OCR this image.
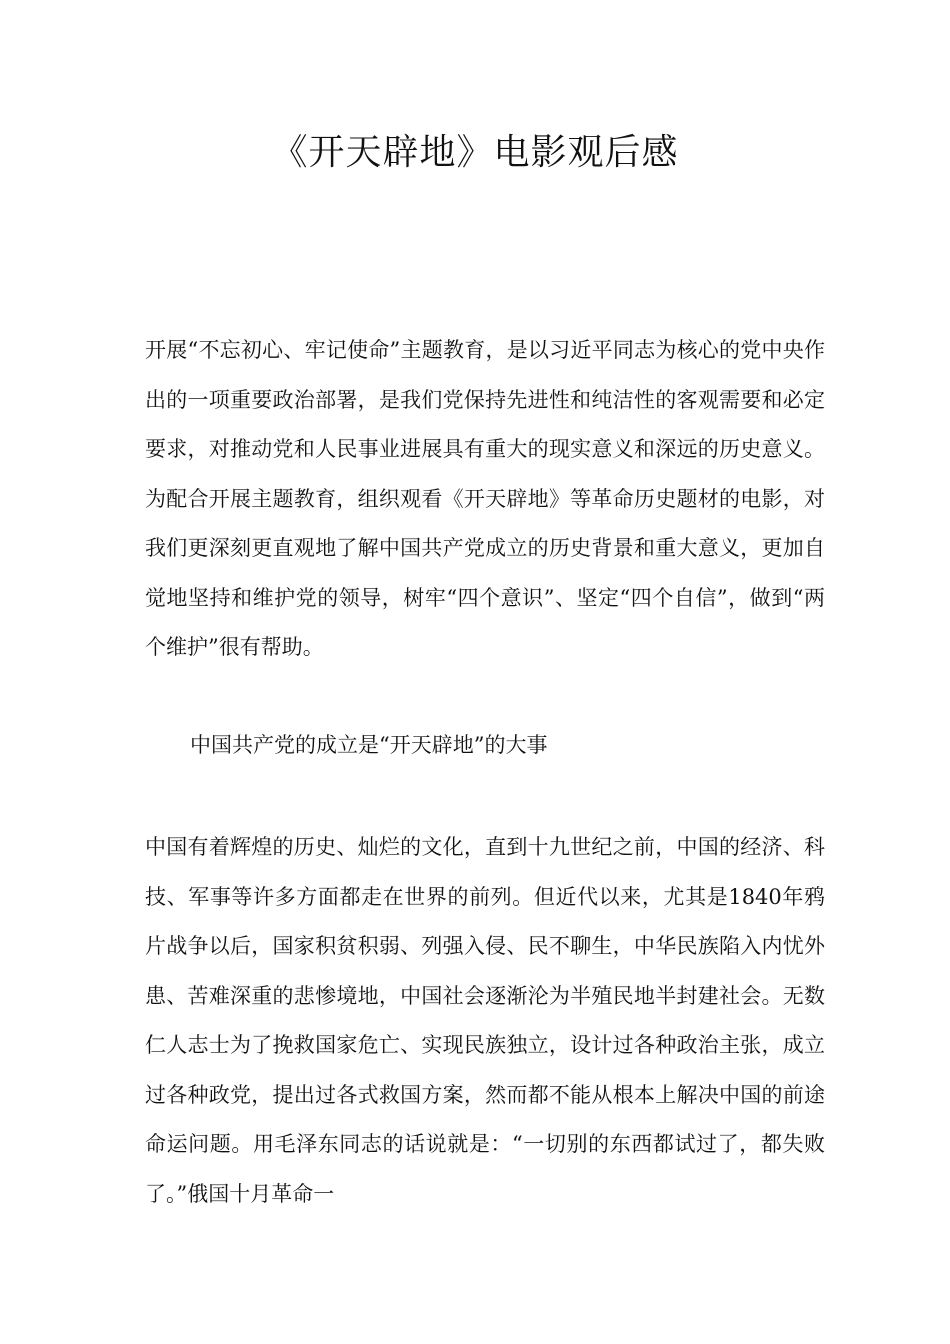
《开天辟地》电影观后感

开展“不忘初心、牢记使命”主题教育，是以习近平同志为核心的党中央作出的一项重要政治部署，是我们党保持先进性和纯洁性的客观需要和必定要求，对推动党和人民事业进展具有重大的现实意义和深远的历史意义。为配合开展主题教育，组织观看《开天辟地》等革命历史题材的电影，对我们更深刻更直观地了解中国共产党成立的历史背景和重大意义，更加自觉地坚持和维护党的领导，树牢“四个意识”、坚定“四个自信”，做到“两个维护”很有帮助。

中国共产党的成立是“开天辟地”的大事

中国有着辉煌的历史、灿烂的文化，直到十九世纪之前，中国的经济、科技、军事等许多方面都走在世界的前列。但近代以来，尤其是1840年鸦片战争以后，国家积贫积弱、列强入侵、民不聊生，中华民族陷入内忧外患、苦难深重的悲惨境地，中国社会逐渐沦为半殖民地半封建社会。无数仁人志士为了挽救国家危亡、实现民族独立，设计过各种政治主张，成立过各种政党，提出过各式救国方案，然而都不能从根本上解决中国的前途命运问题。用毛泽东同志的话说就是：“一切别的东西都试过了，都失败了。”俄国十月革命一
